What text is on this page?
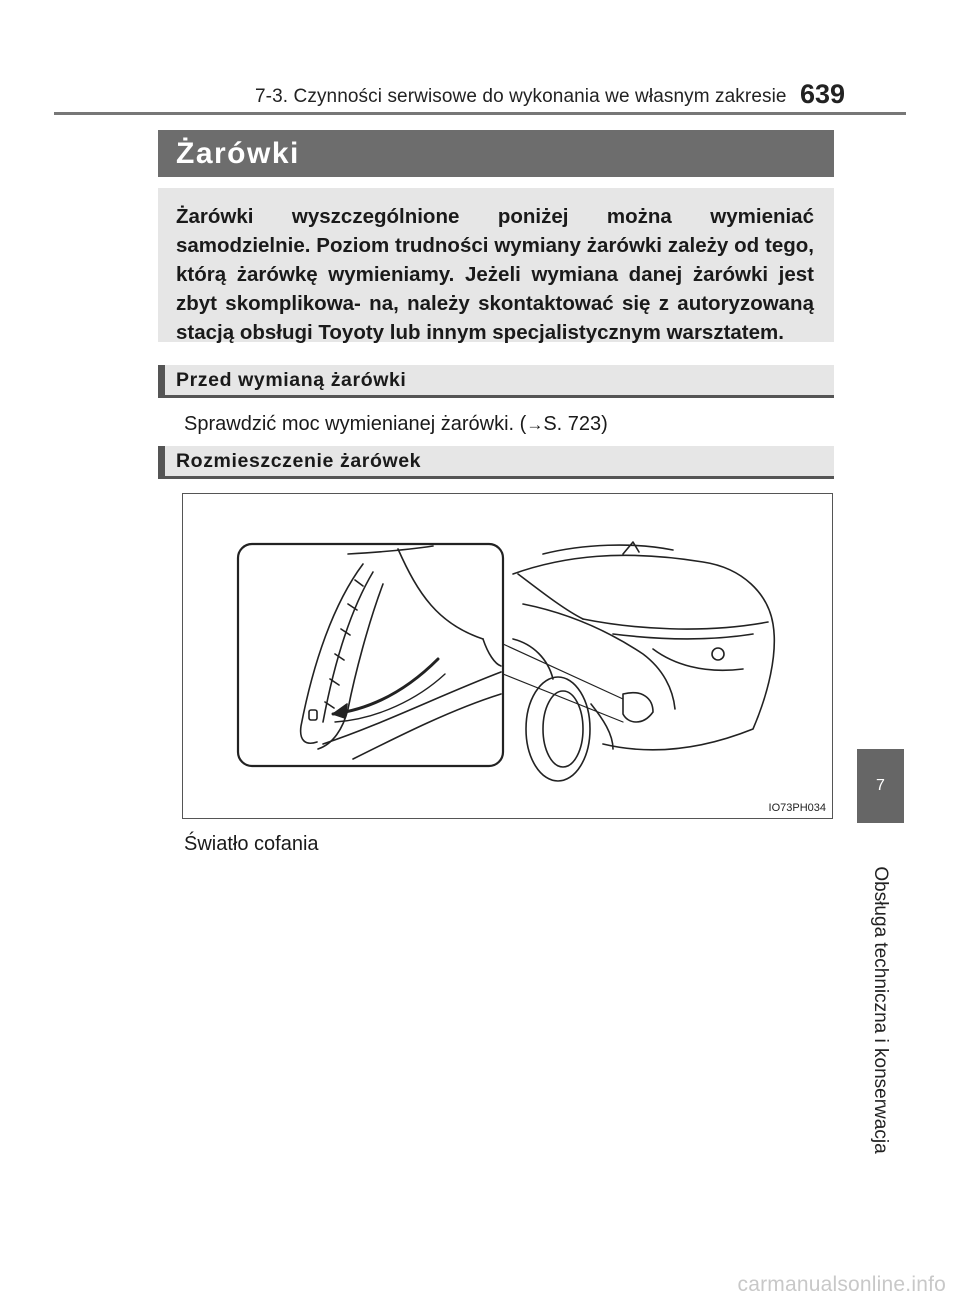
7-3. Czynności serwisowe do wykonania we własnym zakresie 639
Żarówki
Żarówki wyszczególnione poniżej można wymieniać samodzielnie. Poziom trudności wymiany żarówki zależy od tego, którą żarówkę wymieniamy. Jeżeli wymiana danej żarówki jest zbyt skomplikowa- na, należy skontaktować się z autoryzowaną stacją obsługi Toyoty lub innym specjalistycznym warsztatem.
Przed wymianą żarówki
Sprawdzić moc wymienianej żarówki. (→S. 723)
Rozmieszczenie żarówek
IO73PH034
Światło cofania
7
Obsługa techniczna i konserwacja
carmanualsonline.info
